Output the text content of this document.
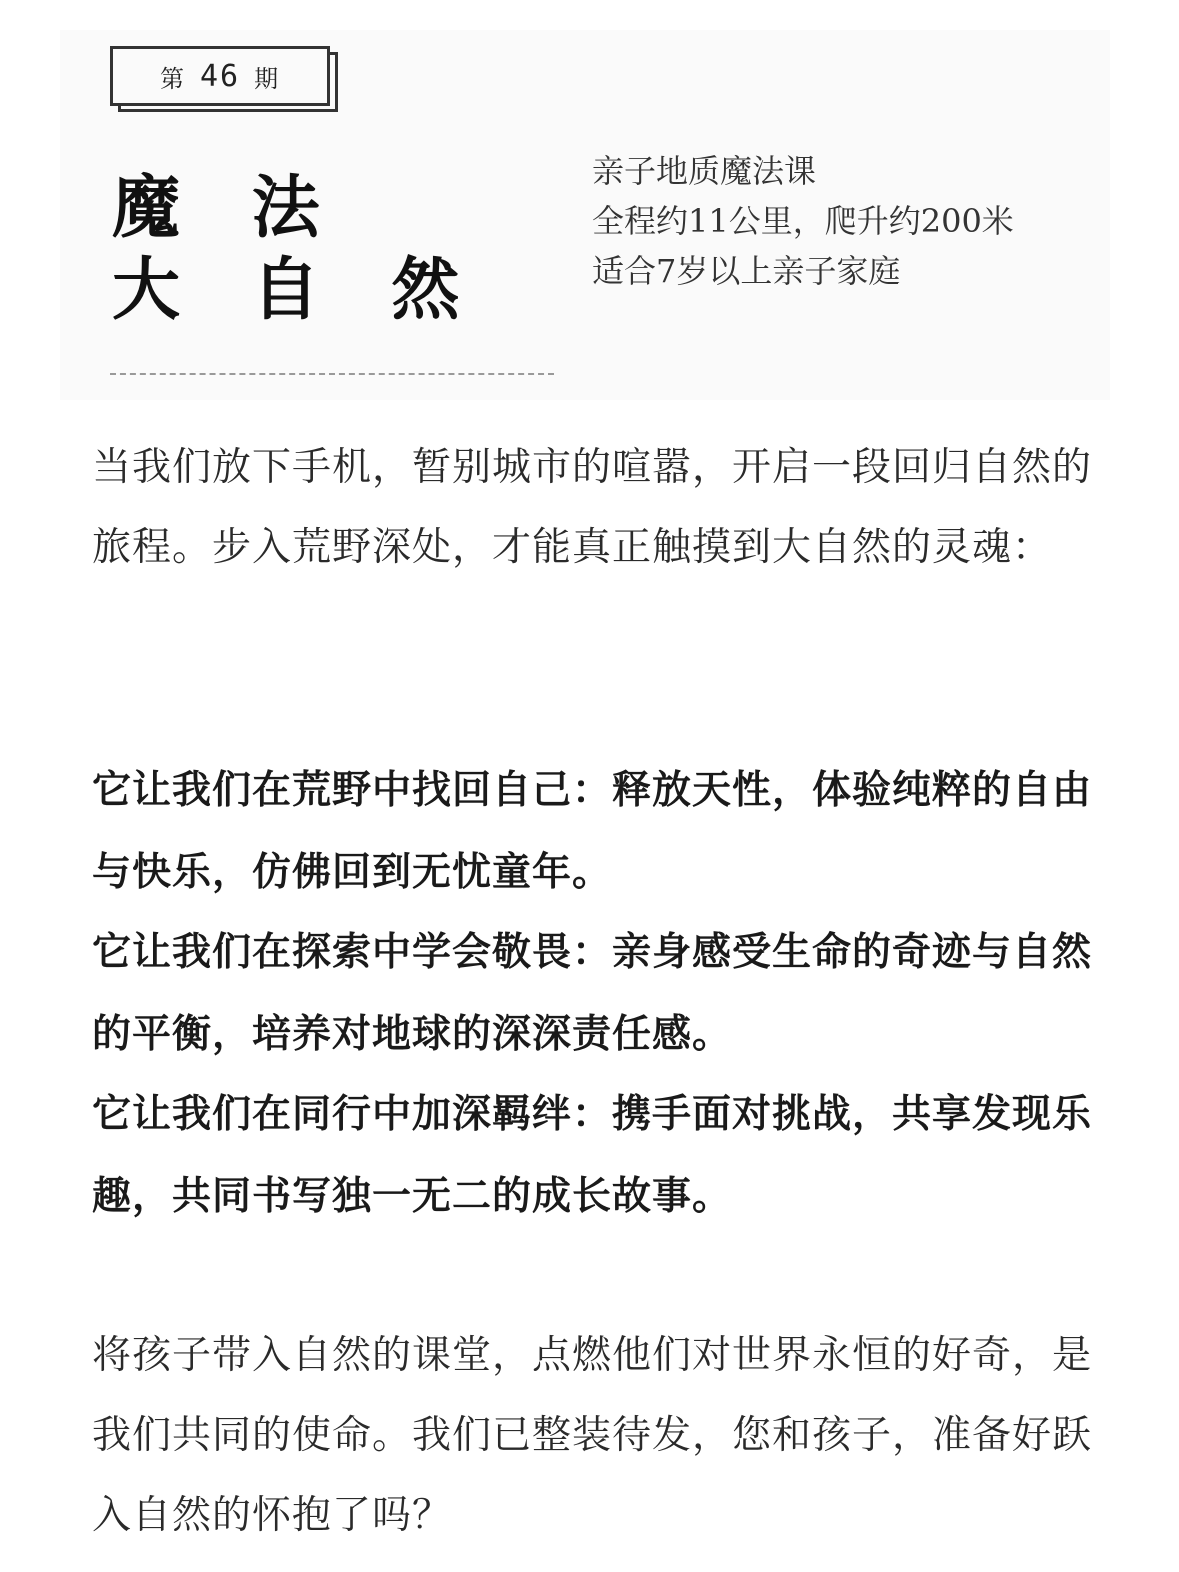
第 46 期
魔 法
大 自 然
亲子地质魔法课
全程约11公里，爬升约200米
适合7岁以上亲子家庭

当我们放下手机，暂别城市的喧嚣，开启一段回归自然的旅程。步入荒野深处，才能真正触摸到大自然的灵魂：

它让我们在荒野中找回自己：释放天性，体验纯粹的自由与快乐，仿佛回到无忧童年。

它让我们在探索中学会敬畏：亲身感受生命的奇迹与自然的平衡，培养对地球的深深责任感。

它让我们在同行中加深羁绊：携手面对挑战，共享发现乐趣，共同书写独一无二的成长故事。

将孩子带入自然的课堂，点燃他们对世界永恒的好奇，是我们共同的使命。我们已整装待发，您和孩子，准备好跃入自然的怀抱了吗？
